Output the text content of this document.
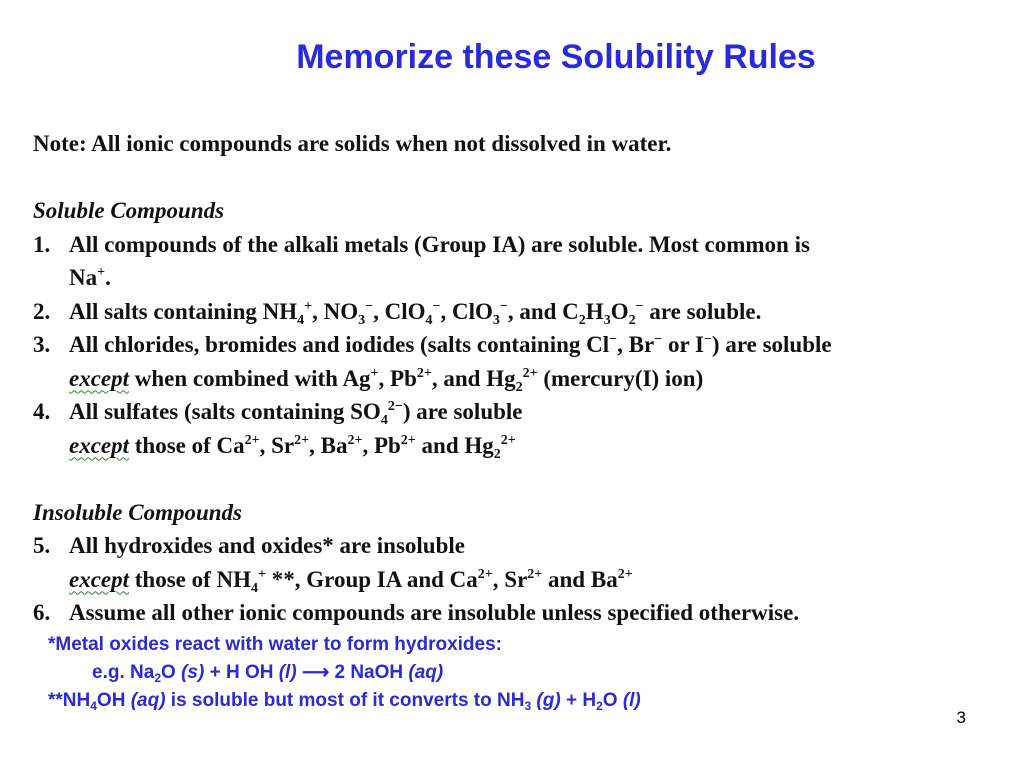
Memorize these Solubility Rules
Note: All ionic compounds are solids when not dissolved in water.
Soluble Compounds
1. All compounds of the alkali metals (Group IA) are soluble. Most common is
Na+.
2. All salts containing $NH_4^+$, $NO_3^-$, ClO$_4$−, ClO$_3$−, and $C_2H_3O_2^-$ are soluble.
3. All chlorides, bromides and iodides (salts containing Cl−, Br− or I−) are soluble
except when combined with Ag+, $Pb^{2+}$, and $Hg_2^{2+}$ (mercury(I) ion)
4. All sulfates (salts containing $SO_4^{2-}$) are soluble
except those of $Ca^{2+}$, $Sr^{2+}$, $Ba^{2+}$, $Pb^{2+}$ and $Hg_2^{2+}$
Insoluble Compounds
5. All hydroxides and oxides* are insoluble
except those of $NH_4^+$ **, Group IA and $Ca^{2+}$, $Sr^{2+}$ and $Ba^{2+}$
6. Assume all other ionic compounds are insoluble unless specified otherwise.
*Metal oxides react with water to form hydroxides:
e.g. $Na_2O$ (s) + H OH (l) ⟶ 2 NaOH (aq)
$**NH_4OH$ (aq) is soluble but most of it converts to $NH_3$ $(g) + H_2O$ (l)
3
